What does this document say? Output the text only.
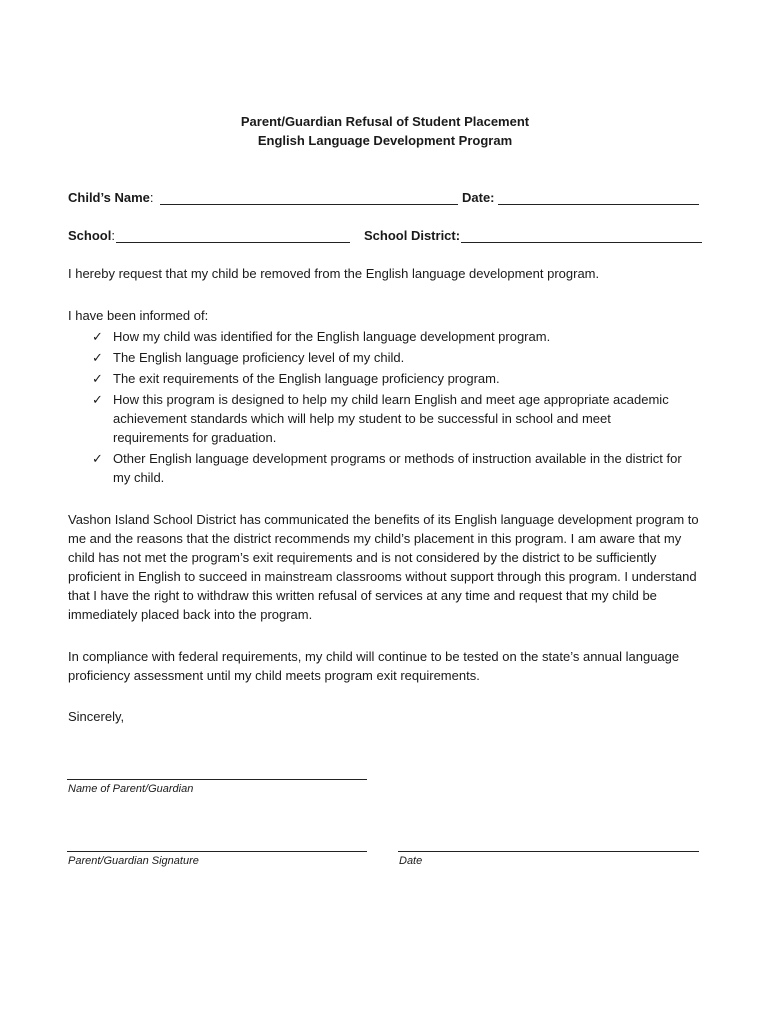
Parent/Guardian Refusal of Student Placement
English Language Development Program
Child’s Name:	Date:
School:	School District:
I hereby request that my child be removed from the English language development program.
I have been informed of:
✓ How my child was identified for the English language development program.
✓ The English language proficiency level of my child.
✓ The exit requirements of the English language proficiency program.
✓ How this program is designed to help my child learn English and meet age appropriate academic achievement standards which will help my student to be successful in school and meet requirements for graduation.
✓ Other English language development programs or methods of instruction available in the district for my child.
Vashon Island School District has communicated the benefits of its English language development program to me and the reasons that the district recommends my child’s placement in this program. I am aware that my child has not met the program’s exit requirements and is not considered by the district to be sufficiently proficient in English to succeed in mainstream classrooms without support through this program. I understand that I have the right to withdraw this written refusal of services at any time and request that my child be immediately placed back into the program.
In compliance with federal requirements, my child will continue to be tested on the state’s annual language proficiency assessment until my child meets program exit requirements.
Sincerely,
Name of Parent/Guardian
Parent/Guardian Signature	Date
